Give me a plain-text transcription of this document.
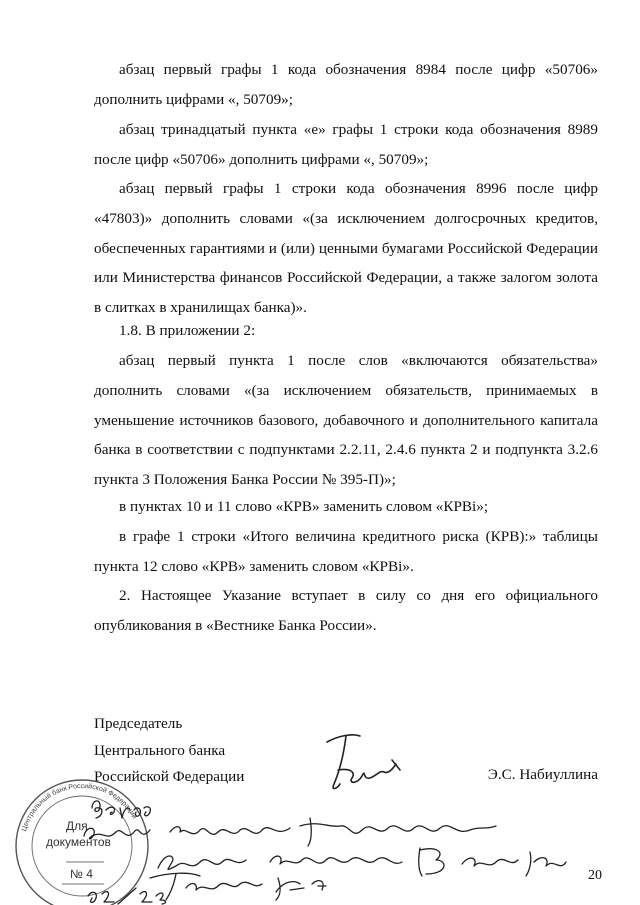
абзац первый графы 1 кода обозначения 8984 после цифр «50706» дополнить цифрами «, 50709»;

абзац тринадцатый пункта «е» графы 1 строки кода обозначения 8989 после цифр «50706» дополнить цифрами «, 50709»;

абзац первый графы 1 строки кода обозначения 8996 после цифр «47803)» дополнить словами «(за исключением долгосрочных кредитов, обеспеченных гарантиями и (или) ценными бумагами Российской Федерации или Министерства финансов Российской Федерации, а также залогом золота в слитках в хранилищах банка)».

1.8. В приложении 2:

абзац первый пункта 1 после слов «включаются обязательства» дополнить словами «(за исключением обязательств, принимаемых в уменьшение источников базового, добавочного и дополнительного капитала банка в соответствии с подпунктами 2.2.11, 2.4.6 пункта 2 и подпункта 3.2.6 пункта 3 Положения Банка России № 395-П)»;

в пунктах 10 и 11 слово «КРВ» заменить словом «КРВі»;

в графе 1 строки «Итого величина кредитного риска (КРВ):» таблицы пункта 12 слово «КРВ» заменить словом «КРВі».

2. Настоящее Указание вступает в силу со дня его официального опубликования в «Вестнике Банка России».

Председатель

Центрального банка

Российской Федерации	Э.С. Набиуллина

20

Центральный банк Российской Федерации
Для
документов
№ 4
